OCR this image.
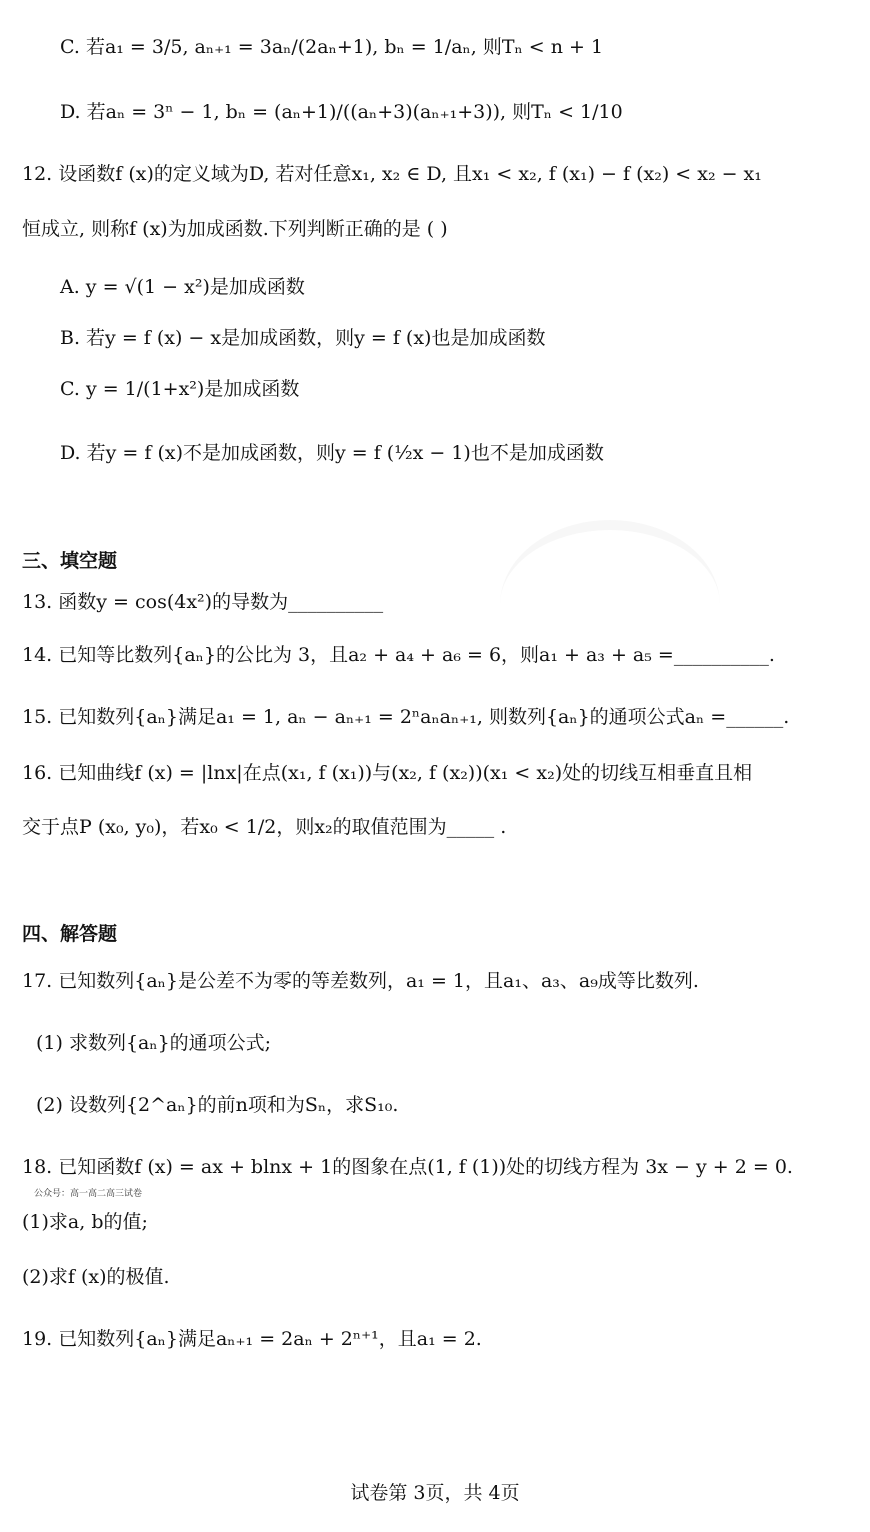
C. 若a₁ = 3/5, aₙ₊₁ = 3aₙ/(2aₙ+1), bₙ = 1/aₙ, 则Tₙ < n + 1
D. 若aₙ = 3ⁿ − 1, bₙ = (aₙ+1)/((aₙ+3)(aₙ₊₁+3)), 则Tₙ < 1/10
12. 设函数f (x)的定义域为D, 若对任意x₁, x₂ ∈ D, 且x₁ < x₂, f (x₁) − f (x₂) < x₂ − x₁
恒成立, 则称f (x)为加成函数.下列判断正确的是 ( )
A. y = √(1 − x²)是加成函数
B. 若y = f (x) − x是加成函数，则y = f (x)也是加成函数
C. y = 1/(1+x²)是加成函数
D. 若y = f (x)不是加成函数，则y = f (½x − 1)也不是加成函数
三、填空题
13. 函数y = cos(4x²)的导数为__________
14. 已知等比数列{aₙ}的公比为 3，且a₂ + a₄ + a₆ = 6，则a₁ + a₃ + a₅ =__________.
15. 已知数列{aₙ}满足a₁ = 1, aₙ − aₙ₊₁ = 2ⁿaₙaₙ₊₁, 则数列{aₙ}的通项公式aₙ =______.
16. 已知曲线f (x) = |lnx|在点(x₁, f (x₁))与(x₂, f (x₂))(x₁ < x₂)处的切线互相垂直且相
交于点P (x₀, y₀)，若x₀ < 1/2，则x₂的取值范围为_____ .
四、解答题
17. 已知数列{aₙ}是公差不为零的等差数列，a₁ = 1，且a₁、a₃、a₉成等比数列.
(1) 求数列{aₙ}的通项公式;
(2) 设数列{2^aₙ}的前n项和为Sₙ，求S₁₀.
18. 已知函数f (x) = ax + blnx + 1的图象在点(1, f (1))处的切线方程为 3x − y + 2 = 0.
公众号：高一高二高三试卷
(1)求a, b的值;
(2)求f (x)的极值.
19. 已知数列{aₙ}满足aₙ₊₁ = 2aₙ + 2ⁿ⁺¹，且a₁ = 2.
试卷第 3页，共 4页
